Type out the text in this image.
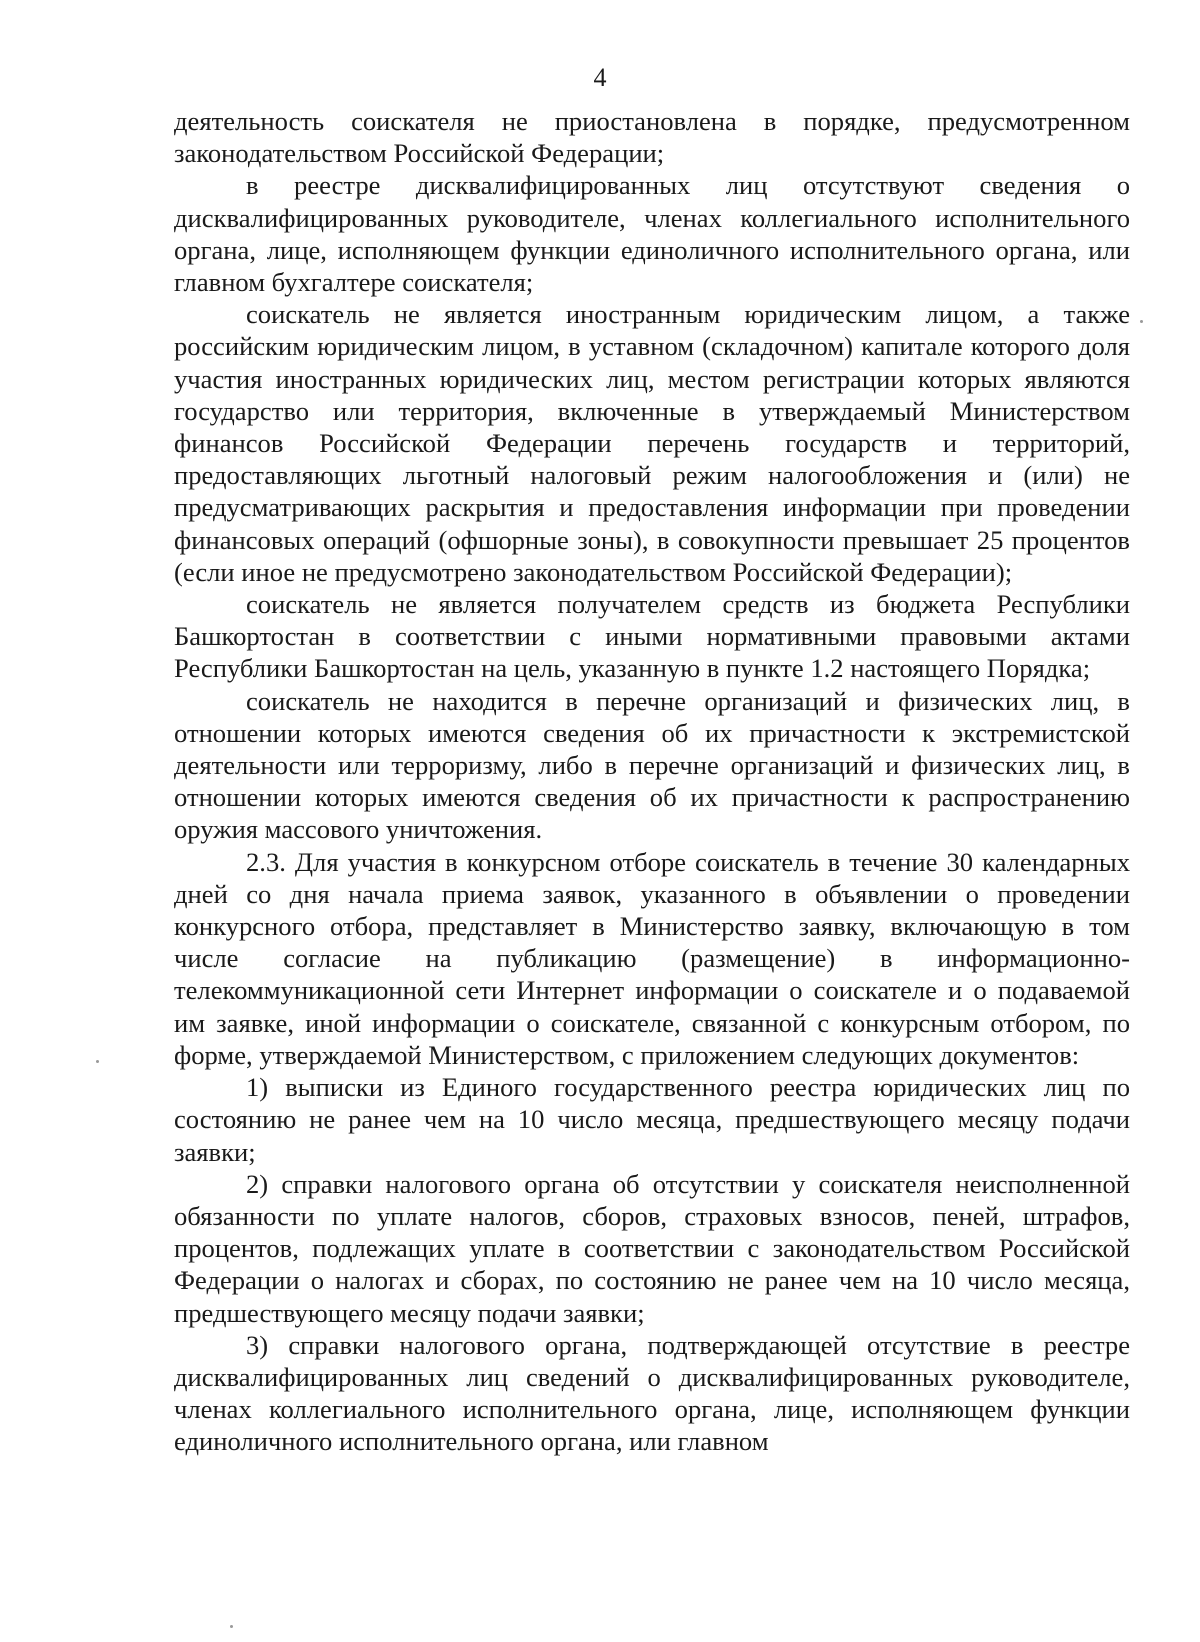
4

деятельность соискателя не приостановлена в порядке, предусмотренном законодательством Российской Федерации;

в реестре дисквалифицированных лиц отсутствуют сведения о дисквалифицированных руководителе, членах коллегиального исполнительного органа, лице, исполняющем функции единоличного исполнительного органа, или главном бухгалтере соискателя;

соискатель не является иностранным юридическим лицом, а также российским юридическим лицом, в уставном (складочном) капитале которого доля участия иностранных юридических лиц, местом регистрации которых являются государство или территория, включенные в утверждаемый Министерством финансов Российской Федерации перечень государств и территорий, предоставляющих льготный налоговый режим налогообложения и (или) не предусматривающих раскрытия и предоставления информации при проведении финансовых операций (офшорные зоны), в совокупности превышает 25 процентов (если иное не предусмотрено законодательством Российской Федерации);

соискатель не является получателем средств из бюджета Республики Башкортостан в соответствии с иными нормативными правовыми актами Республики Башкортостан на цель, указанную в пункте 1.2 настоящего Порядка;

соискатель не находится в перечне организаций и физических лиц, в отношении которых имеются сведения об их причастности к экстремистской деятельности или терроризму, либо в перечне организаций и физических лиц, в отношении которых имеются сведения об их причастности к распространению оружия массового уничтожения.

2.3. Для участия в конкурсном отборе соискатель в течение 30 календарных дней со дня начала приема заявок, указанного в объявлении о проведении конкурсного отбора, представляет в Министерство заявку, включающую в том числе согласие на публикацию (размещение) в информационно-телекоммуникационной сети Интернет информации о соискателе и о подаваемой им заявке, иной информации о соискателе, связанной с конкурсным отбором, по форме, утверждаемой Министерством, с приложением следующих документов:

1) выписки из Единого государственного реестра юридических лиц по состоянию не ранее чем на 10 число месяца, предшествующего месяцу подачи заявки;

2) справки налогового органа об отсутствии у соискателя неисполненной обязанности по уплате налогов, сборов, страховых взносов, пеней, штрафов, процентов, подлежащих уплате в соответствии с законодательством Российской Федерации о налогах и сборах, по состоянию не ранее чем на 10 число месяца, предшествующего месяцу подачи заявки;

3) справки налогового органа, подтверждающей отсутствие в реестре дисквалифицированных лиц сведений о дисквалифицированных руководителе, членах коллегиального исполнительного органа, лице, исполняющем функции единоличного исполнительного органа, или главном
